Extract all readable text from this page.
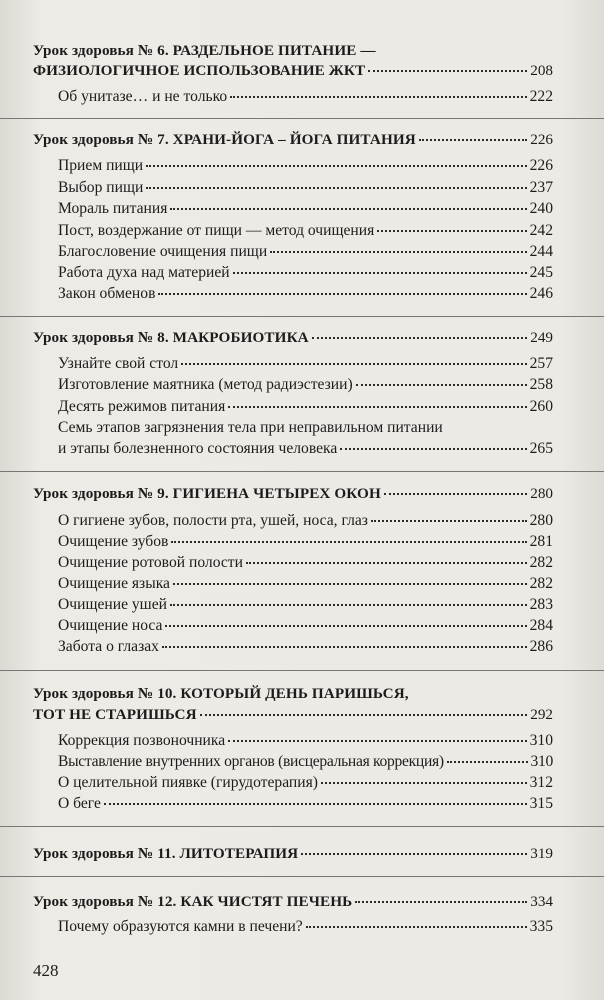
Урок здоровья № 6. РАЗДЕЛЬНОЕ ПИТАНИЕ —
ФИЗИОЛОГИЧНОЕ ИСПОЛЬЗОВАНИЕ ЖКТ	208
Об унитазе… и не только	222
Урок здоровья № 7. ХРАНИ-ЙОГА – ЙОГА ПИТАНИЯ	226
Прием пищи	226
Выбор пищи	237
Мораль питания	240
Пост, воздержание от пищи — метод очищения	242
Благословение очищения пищи	244
Работа духа над материей	245
Закон обменов	246
Урок здоровья № 8. МАКРОБИОТИКА	249
Узнайте свой стол	257
Изготовление маятника (метод радиэстезии)	258
Десять режимов питания	260
Семь этапов загрязнения тела при неправильном питании
и этапы болезненного состояния человека	265
Урок здоровья № 9. ГИГИЕНА ЧЕТЫРЕХ ОКОН	280
О гигиене зубов, полости рта, ушей, носа, глаз	280
Очищение зубов	281
Очищение ротовой полости	282
Очищение языка	282
Очищение ушей	283
Очищение носа	284
Забота о глазах	286
Урок здоровья № 10. КОТОРЫЙ ДЕНЬ ПАРИШЬСЯ,
ТОТ НЕ СТАРИШЬСЯ	292
Коррекция позвоночника	310
Выставление внутренних органов (висцеральная коррекция)	310
О целительной пиявке (гирудотерапия)	312
О беге	315
Урок здоровья № 11. ЛИТОТЕРАПИЯ	319
Урок здоровья № 12. КАК ЧИСТЯТ ПЕЧЕНЬ	334
Почему образуются камни в печени?	335
428
